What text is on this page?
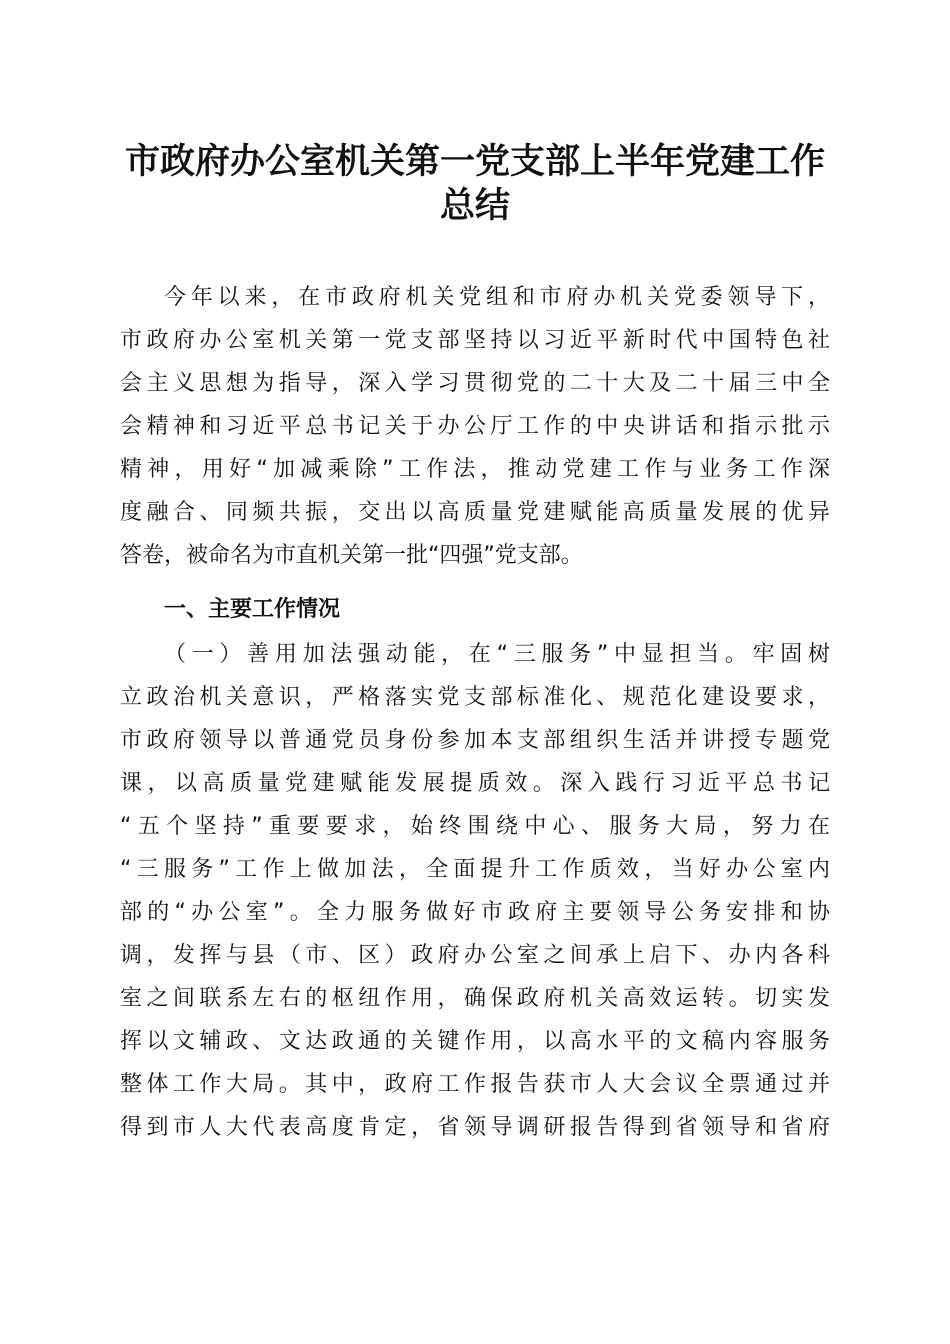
市政府办公室机关第一党支部上半年党建工作
总结

今年以来，在市政府机关党组和市府办机关党委领导下，

市政府办公室机关第一党支部坚持以习近平新时代中国特色社

会主义思想为指导，深入学习贯彻党的二十大及二十届三中全

会精神和习近平总书记关于办公厅工作的中央讲话和指示批示

精神，用好“加减乘除”工作法，推动党建工作与业务工作深

度融合、同频共振，交出以高质量党建赋能高质量发展的优异

答卷，被命名为市直机关第一批“四强”党支部。

一、主要工作情况

（一）善用加法强动能，在“三服务”中显担当。牢固树

立政治机关意识，严格落实党支部标准化、规范化建设要求，

市政府领导以普通党员身份参加本支部组织生活并讲授专题党

课，以高质量党建赋能发展提质效。深入践行习近平总书记

“五个坚持”重要要求，始终围绕中心、服务大局，努力在

“三服务”工作上做加法，全面提升工作质效，当好办公室内

部的“办公室”。全力服务做好市政府主要领导公务安排和协

调，发挥与县（市、区）政府办公室之间承上启下、办内各科

室之间联系左右的枢纽作用，确保政府机关高效运转。切实发

挥以文辅政、文达政通的关键作用，以高水平的文稿内容服务

整体工作大局。其中，政府工作报告获市人大会议全票通过并

得到市人大代表高度肯定，省领导调研报告得到省领导和省府
